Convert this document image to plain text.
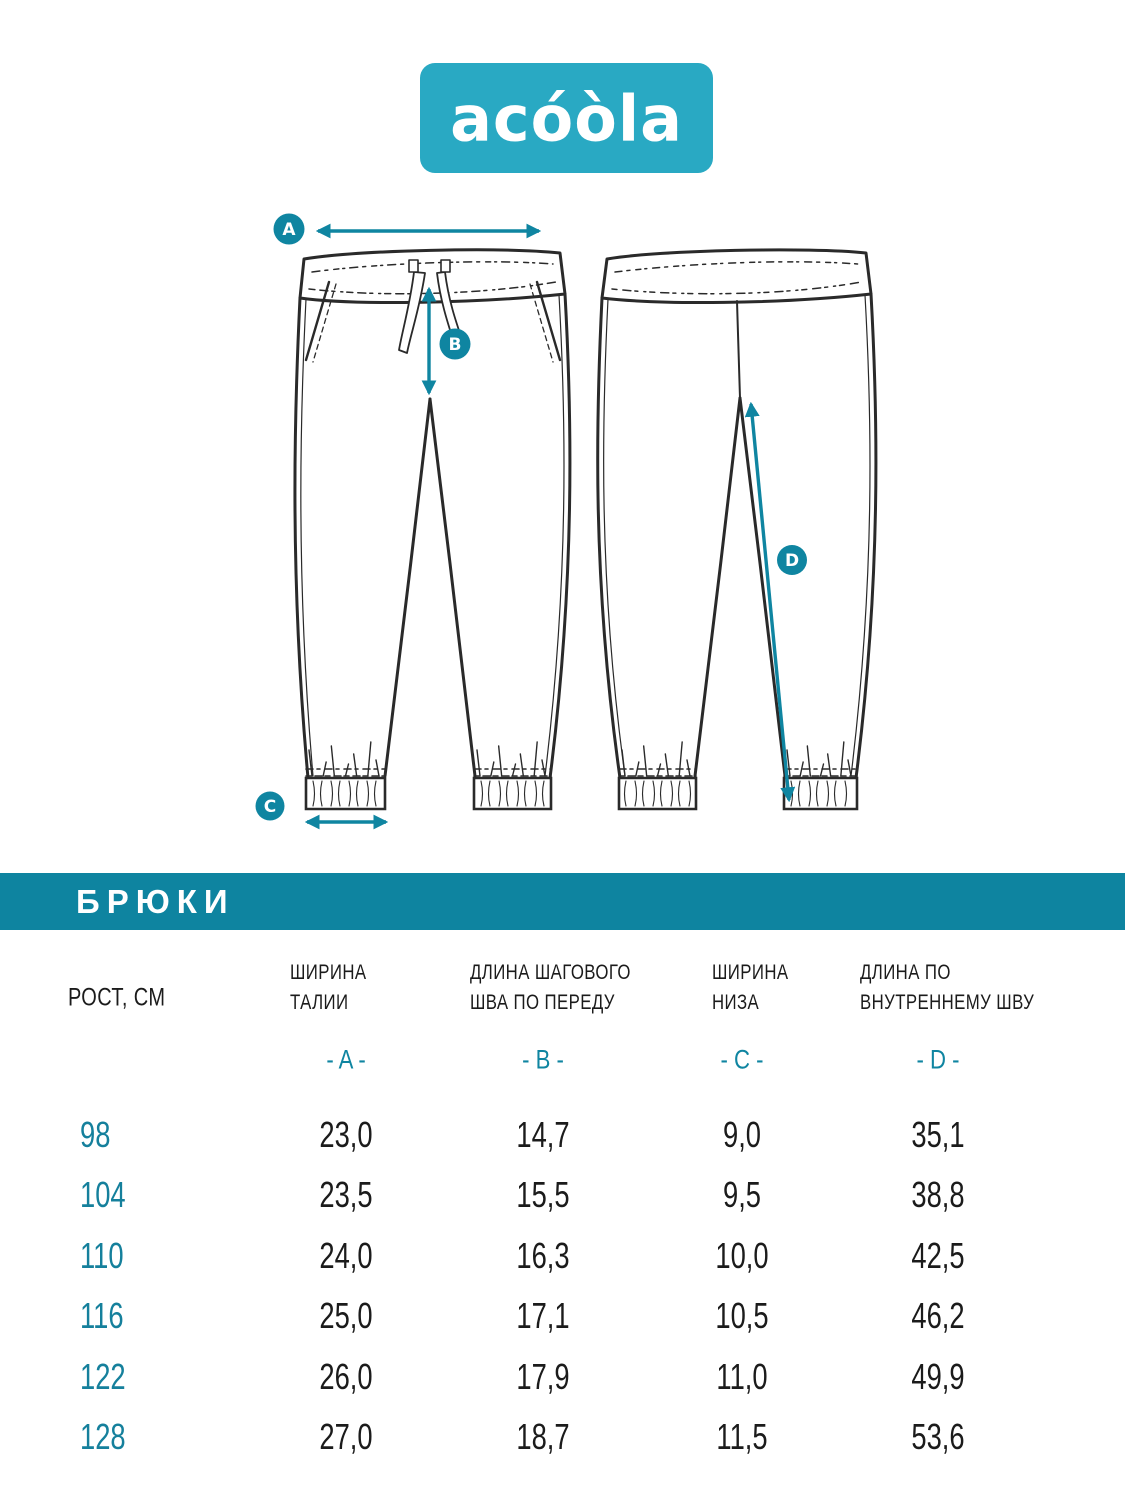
acóòla
A
B
C
D
БРЮКИ
РОСТ, СМ
ШИРИНА
ТАЛИИ
- A -
ДЛИНА ШАГОВОГО
ШВА ПО ПЕРЕДУ
- B -
ШИРИНА
НИЗА
- C -
ДЛИНА ПО
ВНУТРЕННЕМУ ШВУ
- D -
98	23,0	14,7	9,0	35,1
104	23,5	15,5	9,5	38,8
110	24,0	16,3	10,0	42,5
116	25,0	17,1	10,5	46,2
122	26,0	17,9	11,0	49,9
128	27,0	18,7	11,5	53,6
